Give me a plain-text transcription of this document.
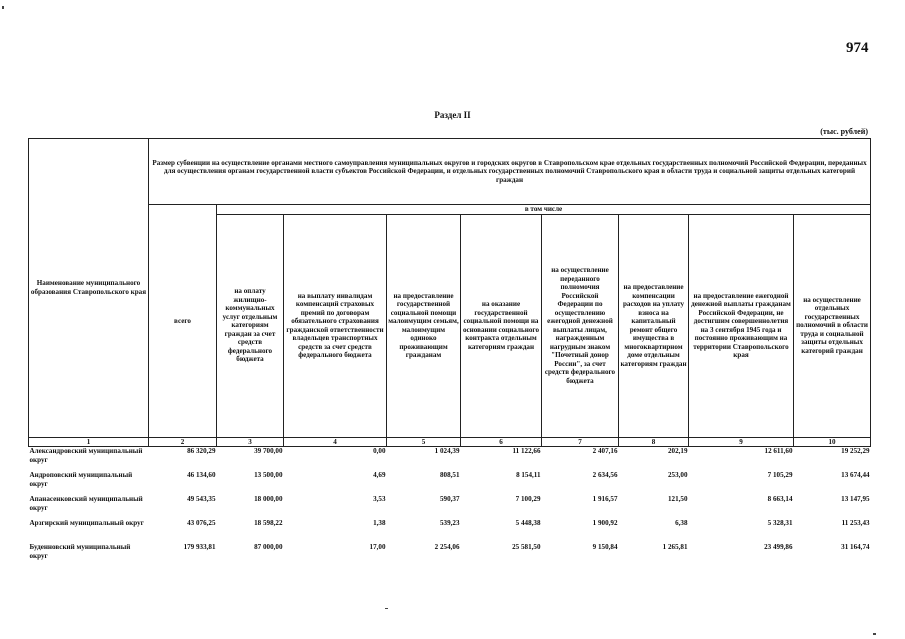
974
Раздел II
(тыс. рублей)
Наименование муниципального образования Ставропольского края	Размер субвенции на осуществление органами местного самоуправления муниципальных округов и городских округов в Ставропольском крае отдельных государственных полномочий Российской Федерации, переданных для осуществления органам государственной власти субъектов Российской Федерации, и отдельных государственных полномочий Ставропольского края в области труда и социальной защиты отдельных категорий граждан								
	всего	в том числе							
		на оплату жилищно-коммунальных услуг отдельным категориям граждан за счет средств федерального бюджета	на выплату инвалидам компенсаций страховых премий по договорам обязательного страхования гражданской ответственности владельцев транспортных средств за счет средств федерального бюджета	на предоставление государственной социальной помощи малоимущим семьям, малоимущим одиноко проживающим гражданам	на оказание государственной социальной помощи на основании социального контракта отдельным категориям граждан	на осуществление переданного полномочия Российской Федерации по осуществлению ежегодной денежной выплаты лицам, награжденным нагрудным знаком "Почетный донор России", за счет средств федерального бюджета	на предоставление компенсации расходов на уплату взноса на капитальный ремонт общего имущества в многоквартирном доме отдельным категориям граждан	на предоставление ежегодной денежной выплаты гражданам Российской Федерации, не достигшим совершеннолетия на 3 сентября 1945 года и постоянно проживающим на территории Ставропольского края	на осуществление отдельных государственных полномочий в области труда и социальной защиты отдельных категорий граждан
1	2	3	4	5	6	7	8	9	10
Александровский муниципальный округ	86 320,29	39 700,00	0,00	1 024,39	11 122,66	2 407,16	202,19	12 611,60	19 252,29
Андроповский муниципальный округ	46 134,60	13 500,00	4,69	808,51	8 154,11	2 634,56	253,00	7 105,29	13 674,44
Апанасенковский муниципальный округ	49 543,35	18 000,00	3,53	590,37	7 100,29	1 916,57	121,50	8 663,14	13 147,95
Арзгирский муниципальный округ	43 076,25	18 598,22	1,38	539,23	5 448,38	1 900,92	6,38	5 328,31	11 253,43
Буденновский муниципальный округ	179 933,81	87 000,00	17,00	2 254,06	25 581,50	9 150,84	1 265,81	23 499,86	31 164,74
